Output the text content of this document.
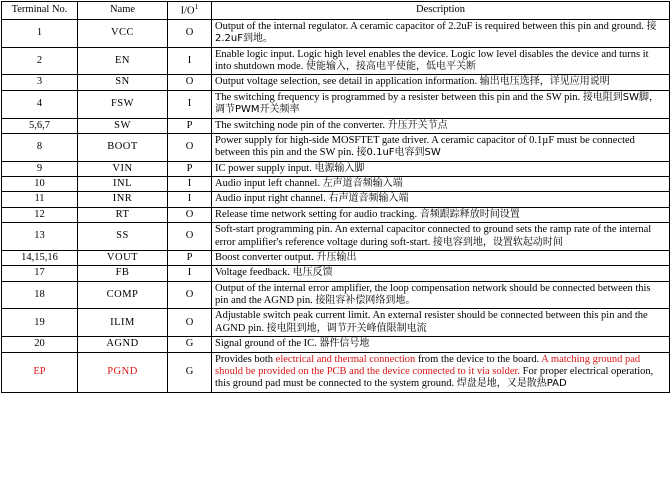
Terminal No.	Name	$I/O^1$	Description
1	VCC	O	Output of the internal regulator. A ceramic capacitor of 2.2uF is required between this pin and ground. 接2.2uF到地。
2	EN	I	Enable logic input. Logic high level enables the device. Logic low level disables the device and turns it into shutdown mode. 使能输入，接高电平使能，低电平关断
3	SN	O	Output voltage selection, see detail in application information. 输出电压选择，详见应用说明
4	FSW	I	The switching frequency is programmed by a resister between this pin and the SW pin. 接电阻到SW脚，调节PWM开关频率
5,6,7	SW	P	The switching node pin of the converter. 升压开关节点
8	BOOT	O	Power supply for high-side MOSFTET gate driver. A ceramic capacitor of 0.1µF must be connected between this pin and the SW pin. 接0.1uF电容到SW
9	VIN	P	IC power supply input. 电源输入脚
10	INL	I	Audio input left channel. 左声道音频输入端
11	INR	I	Audio input right channel. 右声道音频输入端
12	RT	O	Release time network setting for audio tracking. 音频跟踪释放时间设置
13	SS	O	Soft-start programming pin. An external capacitor connected to ground sets the ramp rate of the internal error amplifier's reference voltage during soft-start. 接电容到地，设置软起动时间
14,15,16	VOUT	P	Boost converter output. 升压输出
17	FB	I	Voltage feedback. 电压反馈
18	COMP	O	Output of the internal error amplifier, the loop compensation network should be connected between this pin and the AGND pin. 接阻容补偿网络到地。
19	ILIM	O	Adjustable switch peak current limit. An external resister should be connected between this pin and the AGND pin. 接电阻到地，调节开关峰值限制电流
20	AGND	G	Signal ground of the IC. 器件信号地
EP	PGND	G	Provides both electrical and thermal connection from the device to the board. A matching ground pad should be provided on the PCB and the device connected to it via solder. For proper electrical operation, this ground pad must be connected to the system ground. 焊盘是地，又是散热PAD
